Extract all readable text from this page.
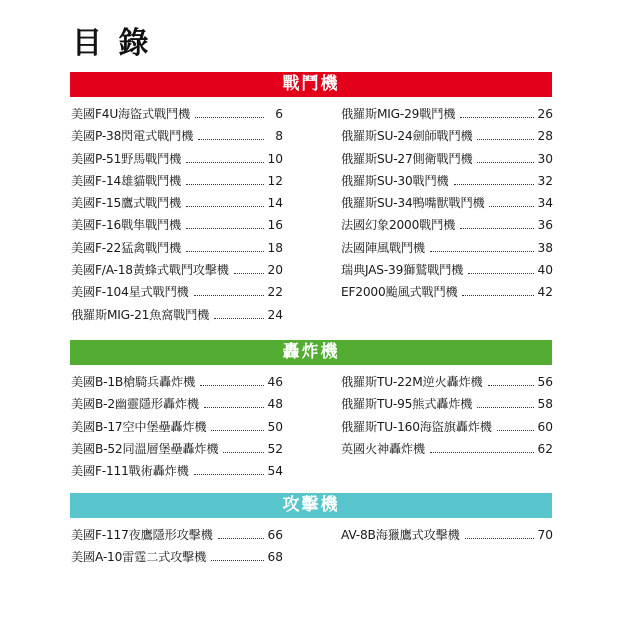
目 錄
戰鬥機
美國F4U海盜式戰鬥機	6
美國P-38閃電式戰鬥機	8
美國P-51野馬戰鬥機	10
美國F-14雄貓戰鬥機	12
美國F-15鷹式戰鬥機	14
美國F-16戰隼戰鬥機	16
美國F-22猛禽戰鬥機	18
美國F/A-18黃蜂式戰鬥攻擊機	20
美國F-104星式戰鬥機	22
俄羅斯MIG-21魚窩戰鬥機	24
俄羅斯MIG-29戰鬥機	26
俄羅斯SU-24劍師戰鬥機	28
俄羅斯SU-27側衛戰鬥機	30
俄羅斯SU-30戰鬥機	32
俄羅斯SU-34鴨嘴獸戰鬥機	34
法國幻象2000戰鬥機	36
法國陣風戰鬥機	38
瑞典JAS-39獅鷲戰鬥機	40
EF2000颱風式戰鬥機	42
轟炸機
美國B-1B槍騎兵轟炸機	46
美國B-2幽靈隱形轟炸機	48
美國B-17空中堡壘轟炸機	50
美國B-52同溫層堡壘轟炸機	52
美國F-111戰術轟炸機	54
俄羅斯TU-22M逆火轟炸機	56
俄羅斯TU-95熊式轟炸機	58
俄羅斯TU-160海盜旗轟炸機	60
英國火神轟炸機	62
攻擊機
美國F-117夜鷹隱形攻擊機	66
美國A-10雷霆二式攻擊機	68
AV-8B海獵鷹式攻擊機	70
